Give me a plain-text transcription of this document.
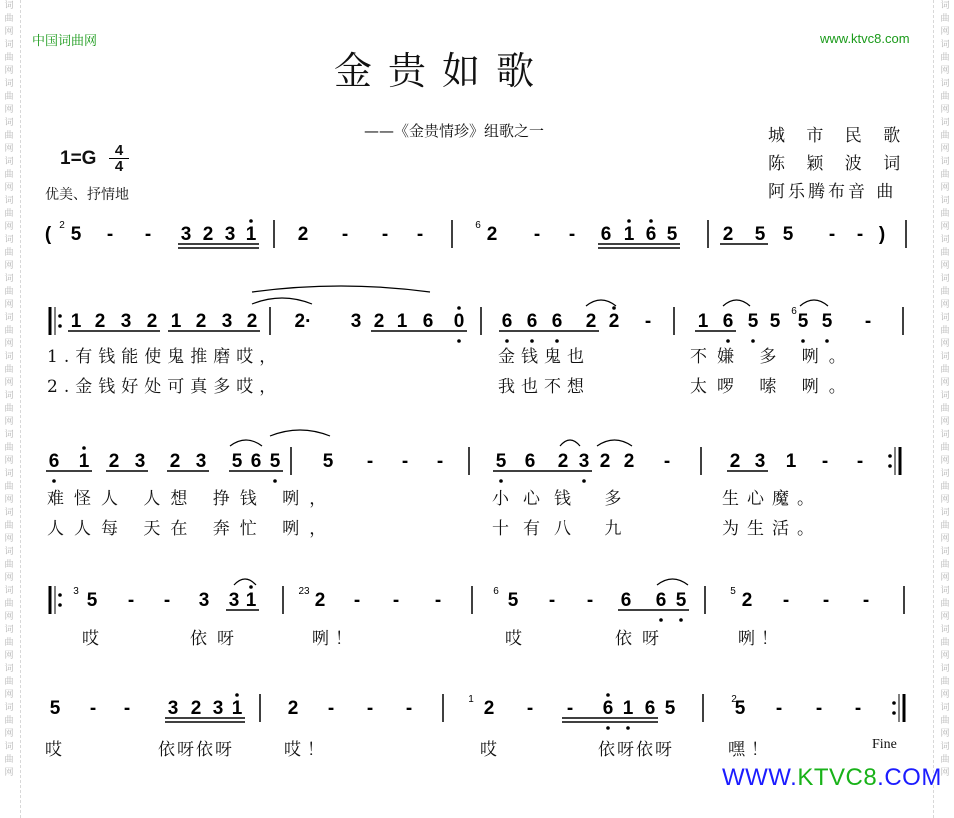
词
曲
网
词
曲
网
词
曲
网
词
曲
网
词
曲
网
词
曲
网
词
曲
网
词
曲
网
词
曲
网
词
曲
网
词
曲
网
词
曲
网
词
曲
网
词
曲
网
词
曲
网
词
曲
网
词
曲
网
词
曲
网
词
曲
网
词
曲
网
词
曲
网
词
曲
网
词
曲
网
词
曲
网
词
曲
网
词
曲
网
词
曲
网
词
曲
网
词
曲
网
词
曲
网
词
曲
网
词
曲
网
词
曲
网
词
曲
网
词
曲
网
词
曲
网
词
曲
网
词
曲
网
词
曲
网
词
曲
网
中国词曲网	www.ktvc8.com
金贵如歌
——《金贵情珍》组歌之一	城 市 民 歌
陈 颖 波 词
阿乐腾布音 曲
1=G	4
4
优美、抒情地
( 5 - - 3 2 3 1 2 - - -	2 - - 6 1 6 5 2 5 5 - - )
1 2 3 2 1 2 3 2 2· 3 2 1 6 0 6 6 6 2 2 - 1 6 5 5 5 5 -
6 1 2 3 2 3 5 6 5 5 - - -	5 6 2 3 2 2 -	2 3 1 - -
5 - - 3 3 1	2 - - -	5 - - 6 6 5	2 - - -
5 - - 3 2 3 1 2 - - -	2 - - 6 1 6 5	5 - - -
2	6
6
3	23	6	5
1	2
1.有钱能使鬼推磨哎，	金钱鬼也	不嫌 多 咧。
2.金钱好处可真多哎，	我也不想	太啰 嗦 咧。
难怪人 人想 挣钱 咧，	小心钱 多	生心魔。
人人每 天在 奔忙 咧，	十有八 九	为生活。
哎	依呀	咧！	哎	依呀	咧！
哎	依呀依呀	哎！	哎	依呀依呀	嘿！	Fine
WWW.KTVC8.COM
